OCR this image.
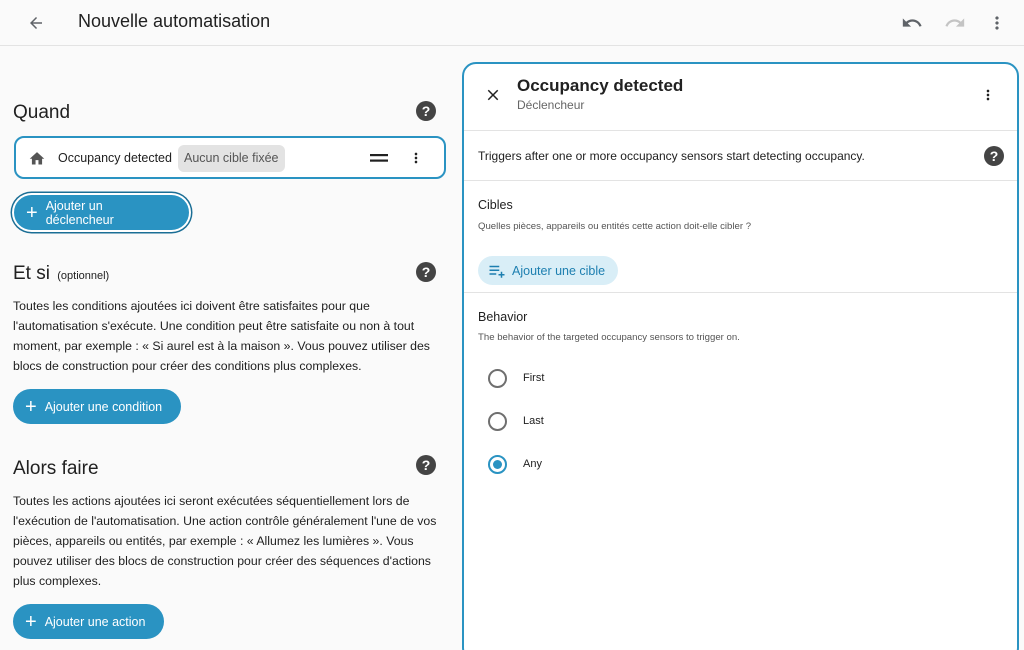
Nouvelle automatisation
Quand	?
Occupancy detected Aucun cible fixée
+ Ajouter un déclencheur
Et si (optionnel)	?
Toutes les conditions ajoutées ici doivent être satisfaites pour que
l'automatisation s'exécute. Une condition peut être satisfaite ou non à tout
moment, par exemple : « Si aurel est à la maison ». Vous pouvez utiliser des
blocs de construction pour créer des conditions plus complexes.
+ Ajouter une condition
Alors faire	?
Toutes les actions ajoutées ici seront exécutées séquentiellement lors de
l'exécution de l'automatisation. Une action contrôle généralement l'une de vos
pièces, appareils ou entités, par exemple : « Allumez les lumières ». Vous
pouvez utiliser des blocs de construction pour créer des séquences d'actions
plus complexes.
+ Ajouter une action
Occupancy detected
Déclencheur
Triggers after one or more occupancy sensors start detecting occupancy.	?
Cibles
Quelles pièces, appareils ou entités cette action doit-elle cibler ?
Ajouter une cible
Behavior
The behavior of the targeted occupancy sensors to trigger on.
First
Last
Any
